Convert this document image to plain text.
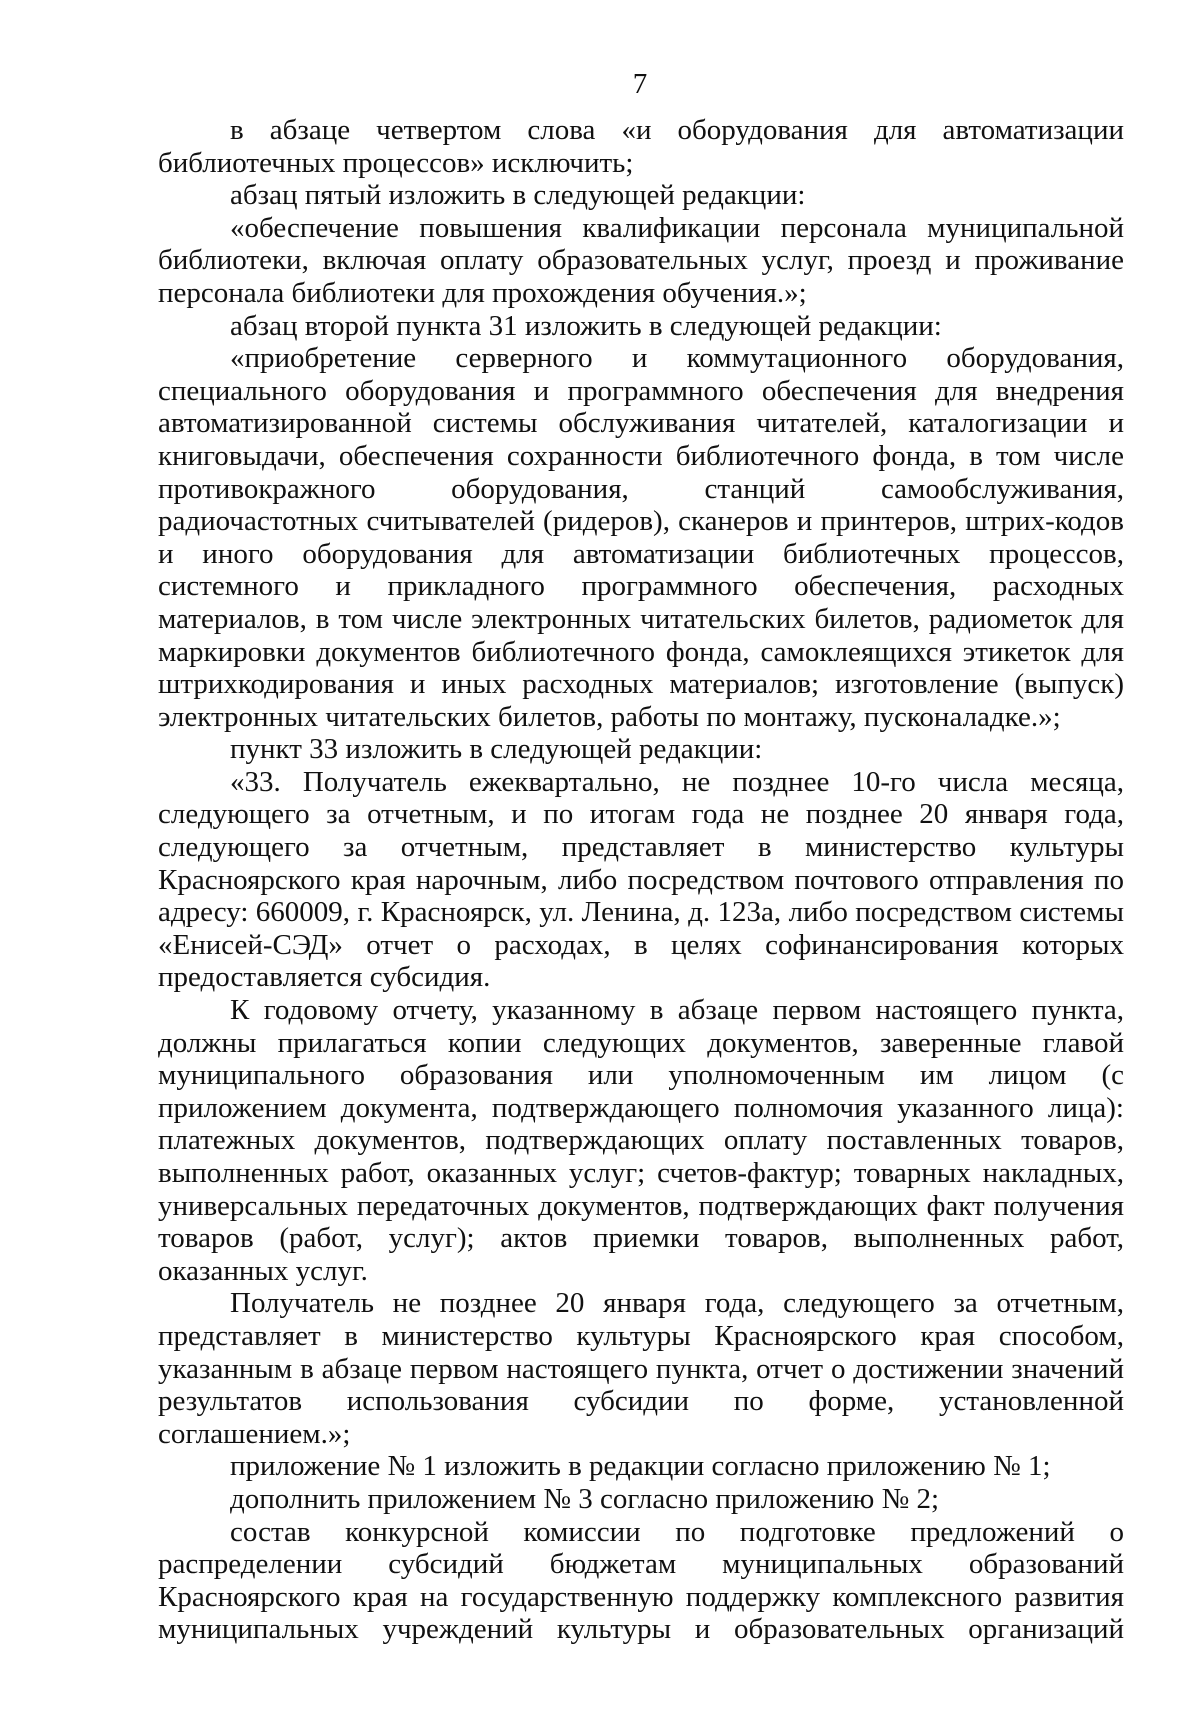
7

в абзаце четвертом слова «и оборудования для автоматизации библиотечных процессов» исключить;

абзац пятый изложить в следующей редакции:

«обеспечение повышения квалификации персонала муниципальной библиотеки, включая оплату образовательных услуг, проезд и проживание персонала библиотеки для прохождения обучения.»;

абзац второй пункта 31 изложить в следующей редакции:

«приобретение серверного и коммутационного оборудования, специального оборудования и программного обеспечения для внедрения автоматизированной системы обслуживания читателей, каталогизации и книговыдачи, обеспечения сохранности библиотечного фонда, в том числе противокражного оборудования, станций самообслуживания, радиочастотных считывателей (ридеров), сканеров и принтеров, штрих-кодов и иного оборудования для автоматизации библиотечных процессов, системного и прикладного программного обеспечения, расходных материалов, в том числе электронных читательских билетов, радиометок для маркировки документов библиотечного фонда, самоклеящихся этикеток для штрихкодирования и иных расходных материалов; изготовление (выпуск) электронных читательских билетов, работы по монтажу, пусконаладке.»;

пункт 33 изложить в следующей редакции:

«33. Получатель ежеквартально, не позднее 10-го числа месяца, следующего за отчетным, и по итогам года не позднее 20 января года, следующего за отчетным, представляет в министерство культуры Красноярского края нарочным, либо посредством почтового отправления по адресу: 660009, г. Красноярск, ул. Ленина, д. 123а, либо посредством системы «Енисей-СЭД» отчет о расходах, в целях софинансирования которых предоставляется субсидия.

К годовому отчету, указанному в абзаце первом настоящего пункта, должны прилагаться копии следующих документов, заверенные главой муниципального образования или уполномоченным им лицом (с приложением документа, подтверждающего полномочия указанного лица): платежных документов, подтверждающих оплату поставленных товаров, выполненных работ, оказанных услуг; счетов-фактур; товарных накладных, универсальных передаточных документов, подтверждающих факт получения товаров (работ, услуг); актов приемки товаров, выполненных работ, оказанных услуг.

Получатель не позднее 20 января года, следующего за отчетным, представляет в министерство культуры Красноярского края способом, указанным в абзаце первом настоящего пункта, отчет о достижении значений результатов использования субсидии по форме, установленной соглашением.»;

приложение № 1 изложить в редакции согласно приложению № 1;

дополнить приложением № 3 согласно приложению № 2;

состав конкурсной комиссии по подготовке предложений о распределении субсидий бюджетам муниципальных образований Красноярского края на государственную поддержку комплексного развития муниципальных учреждений культуры и образовательных организаций
